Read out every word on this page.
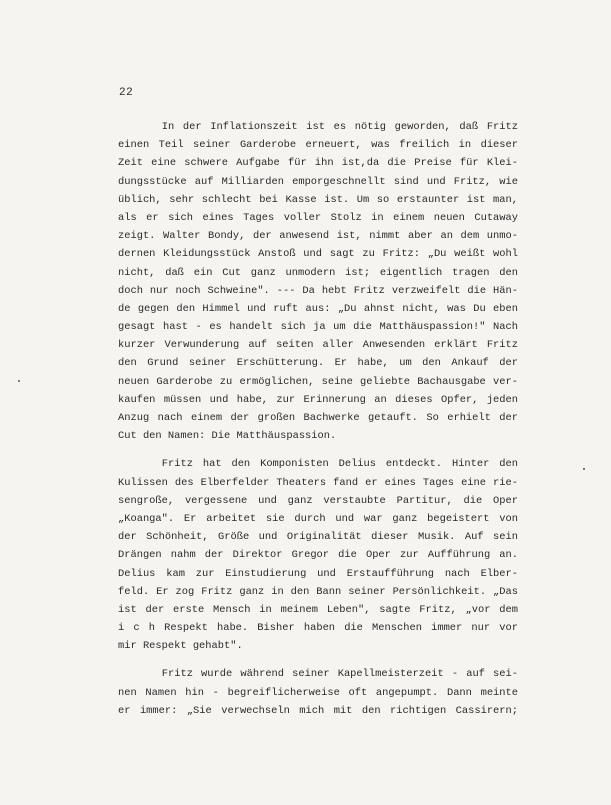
22
In der Inflationszeit ist es nötig geworden, daß Fritz
einen Teil seiner Garderobe erneuert, was freilich in dieser
Zeit eine schwere Aufgabe für ihn ist,da die Preise für Klei-
dungsstücke auf Milliarden emporgeschnellt sind und Fritz, wie
üblich, sehr schlecht bei Kasse ist. Um so erstaunter ist man,
als er sich eines Tages voller Stolz in einem neuen Cutaway
zeigt. Walter Bondy, der anwesend ist, nimmt aber an dem unmo-
dernen Kleidungsstück Anstoß und sagt zu Fritz: „Du weißt wohl
nicht, daß ein Cut ganz unmodern ist; eigentlich tragen den
doch nur noch Schweine". --- Da hebt Fritz verzweifelt die Hän-
de gegen den Himmel und ruft aus: „Du ahnst nicht, was Du eben
gesagt hast - es handelt sich ja um die Matthäuspassion!" Nach
kurzer Verwunderung auf seiten aller Anwesenden erklärt Fritz
den Grund seiner Erschütterung. Er habe, um den Ankauf der
neuen Garderobe zu ermöglichen, seine geliebte Bachausgabe ver-
kaufen müssen und habe, zur Erinnerung an dieses Opfer, jeden
Anzug nach einem der großen Bachwerke getauft. So erhielt der
Cut den Namen: Die Matthäuspassion.
Fritz hat den Komponisten Delius entdeckt. Hinter den
Kulissen des Elberfelder Theaters fand er eines Tages eine rie-
sengroße, vergessene und ganz verstaubte Partitur, die Oper
„Koanga". Er arbeitet sie durch und war ganz begeistert von
der Schönheit, Größe und Originalität dieser Musik. Auf sein
Drängen nahm der Direktor Gregor die Oper zur Aufführung an.
Delius kam zur Einstudierung und Erstaufführung nach Elber-
feld. Er zog Fritz ganz in den Bann seiner Persönlichkeit. „Das
ist der erste Mensch in meinem Leben", sagte Fritz, „vor dem
i c h Respekt habe. Bisher haben die Menschen immer nur vor
mir Respekt gehabt".
Fritz wurde während seiner Kapellmeisterzeit - auf sei-
nen Namen hin - begreiflicherweise oft angepumpt. Dann meinte
er immer: „Sie verwechseln mich mit den richtigen Cassirern;
